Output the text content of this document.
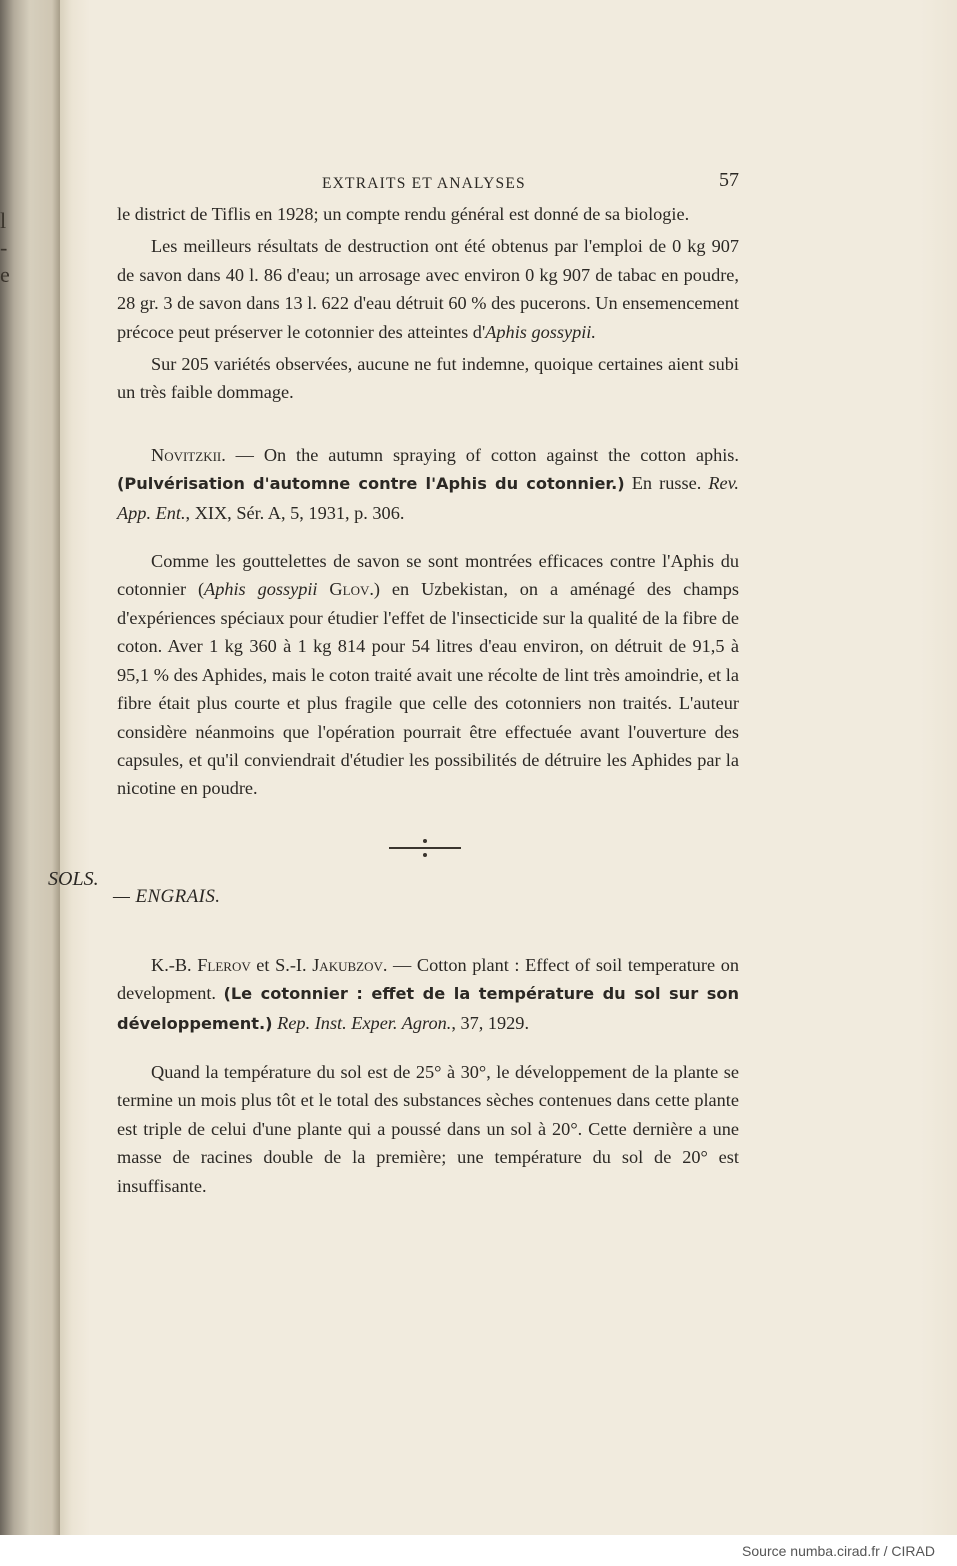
l
-
e
EXTRAITS ET ANALYSES	57

le district de Tiflis en 1928; un compte rendu général est donné de sa biologie.

Les meilleurs résultats de destruction ont été obtenus par l'emploi de 0 kg 907 de savon dans 40 l. 86 d'eau; un arrosage avec environ 0 kg 907 de tabac en poudre, 28 gr. 3 de savon dans 13 l. 622 d'eau détruit 60 % des pucerons. Un ensemencement précoce peut préserver le cotonnier des atteintes d'Aphis gossypii.

Sur 205 variétés observées, aucune ne fut indemne, quoique certaines aient subi un très faible dommage.

Novitzkii. — On the autumn spraying of cotton against the cotton aphis. (Pulvérisation d'automne contre l'Aphis du cotonnier.) En russe. Rev. App. Ent., XIX, Sér. A, 5, 1931, p. 306.

Comme les gouttelettes de savon se sont montrées efficaces contre l'Aphis du cotonnier (Aphis gossypii Glov.) en Uzbekistan, on a aménagé des champs d'expériences spéciaux pour étudier l'effet de l'insecticide sur la qualité de la fibre de coton. Aver 1 kg 360 à 1 kg 814 pour 54 litres d'eau environ, on détruit de 91,5 à 95,1 % des Aphides, mais le coton traité avait une récolte de lint très amoindrie, et la fibre était plus courte et plus fragile que celle des cotonniers non traités. L'auteur considère néanmoins que l'opération pourrait être effectuée avant l'ouverture des capsules, et qu'il conviendrait d'étudier les possibilités de détruire les Aphides par la nicotine en poudre.

SOLS.
— ENGRAIS.

K.-B. Flerov et S.-I. Jakubzov. — Cotton plant : Effect of soil temperature on development. (Le cotonnier : effet de la température du sol sur son développement.) Rep. Inst. Exper. Agron., 37, 1929.

Quand la température du sol est de 25° à 30°, le développement de la plante se termine un mois plus tôt et le total des substances sèches contenues dans cette plante est triple de celui d'une plante qui a poussé dans un sol à 20°. Cette dernière a une masse de racines double de la première; une température du sol de 20° est insuffisante.

Source numba.cirad.fr / CIRAD
